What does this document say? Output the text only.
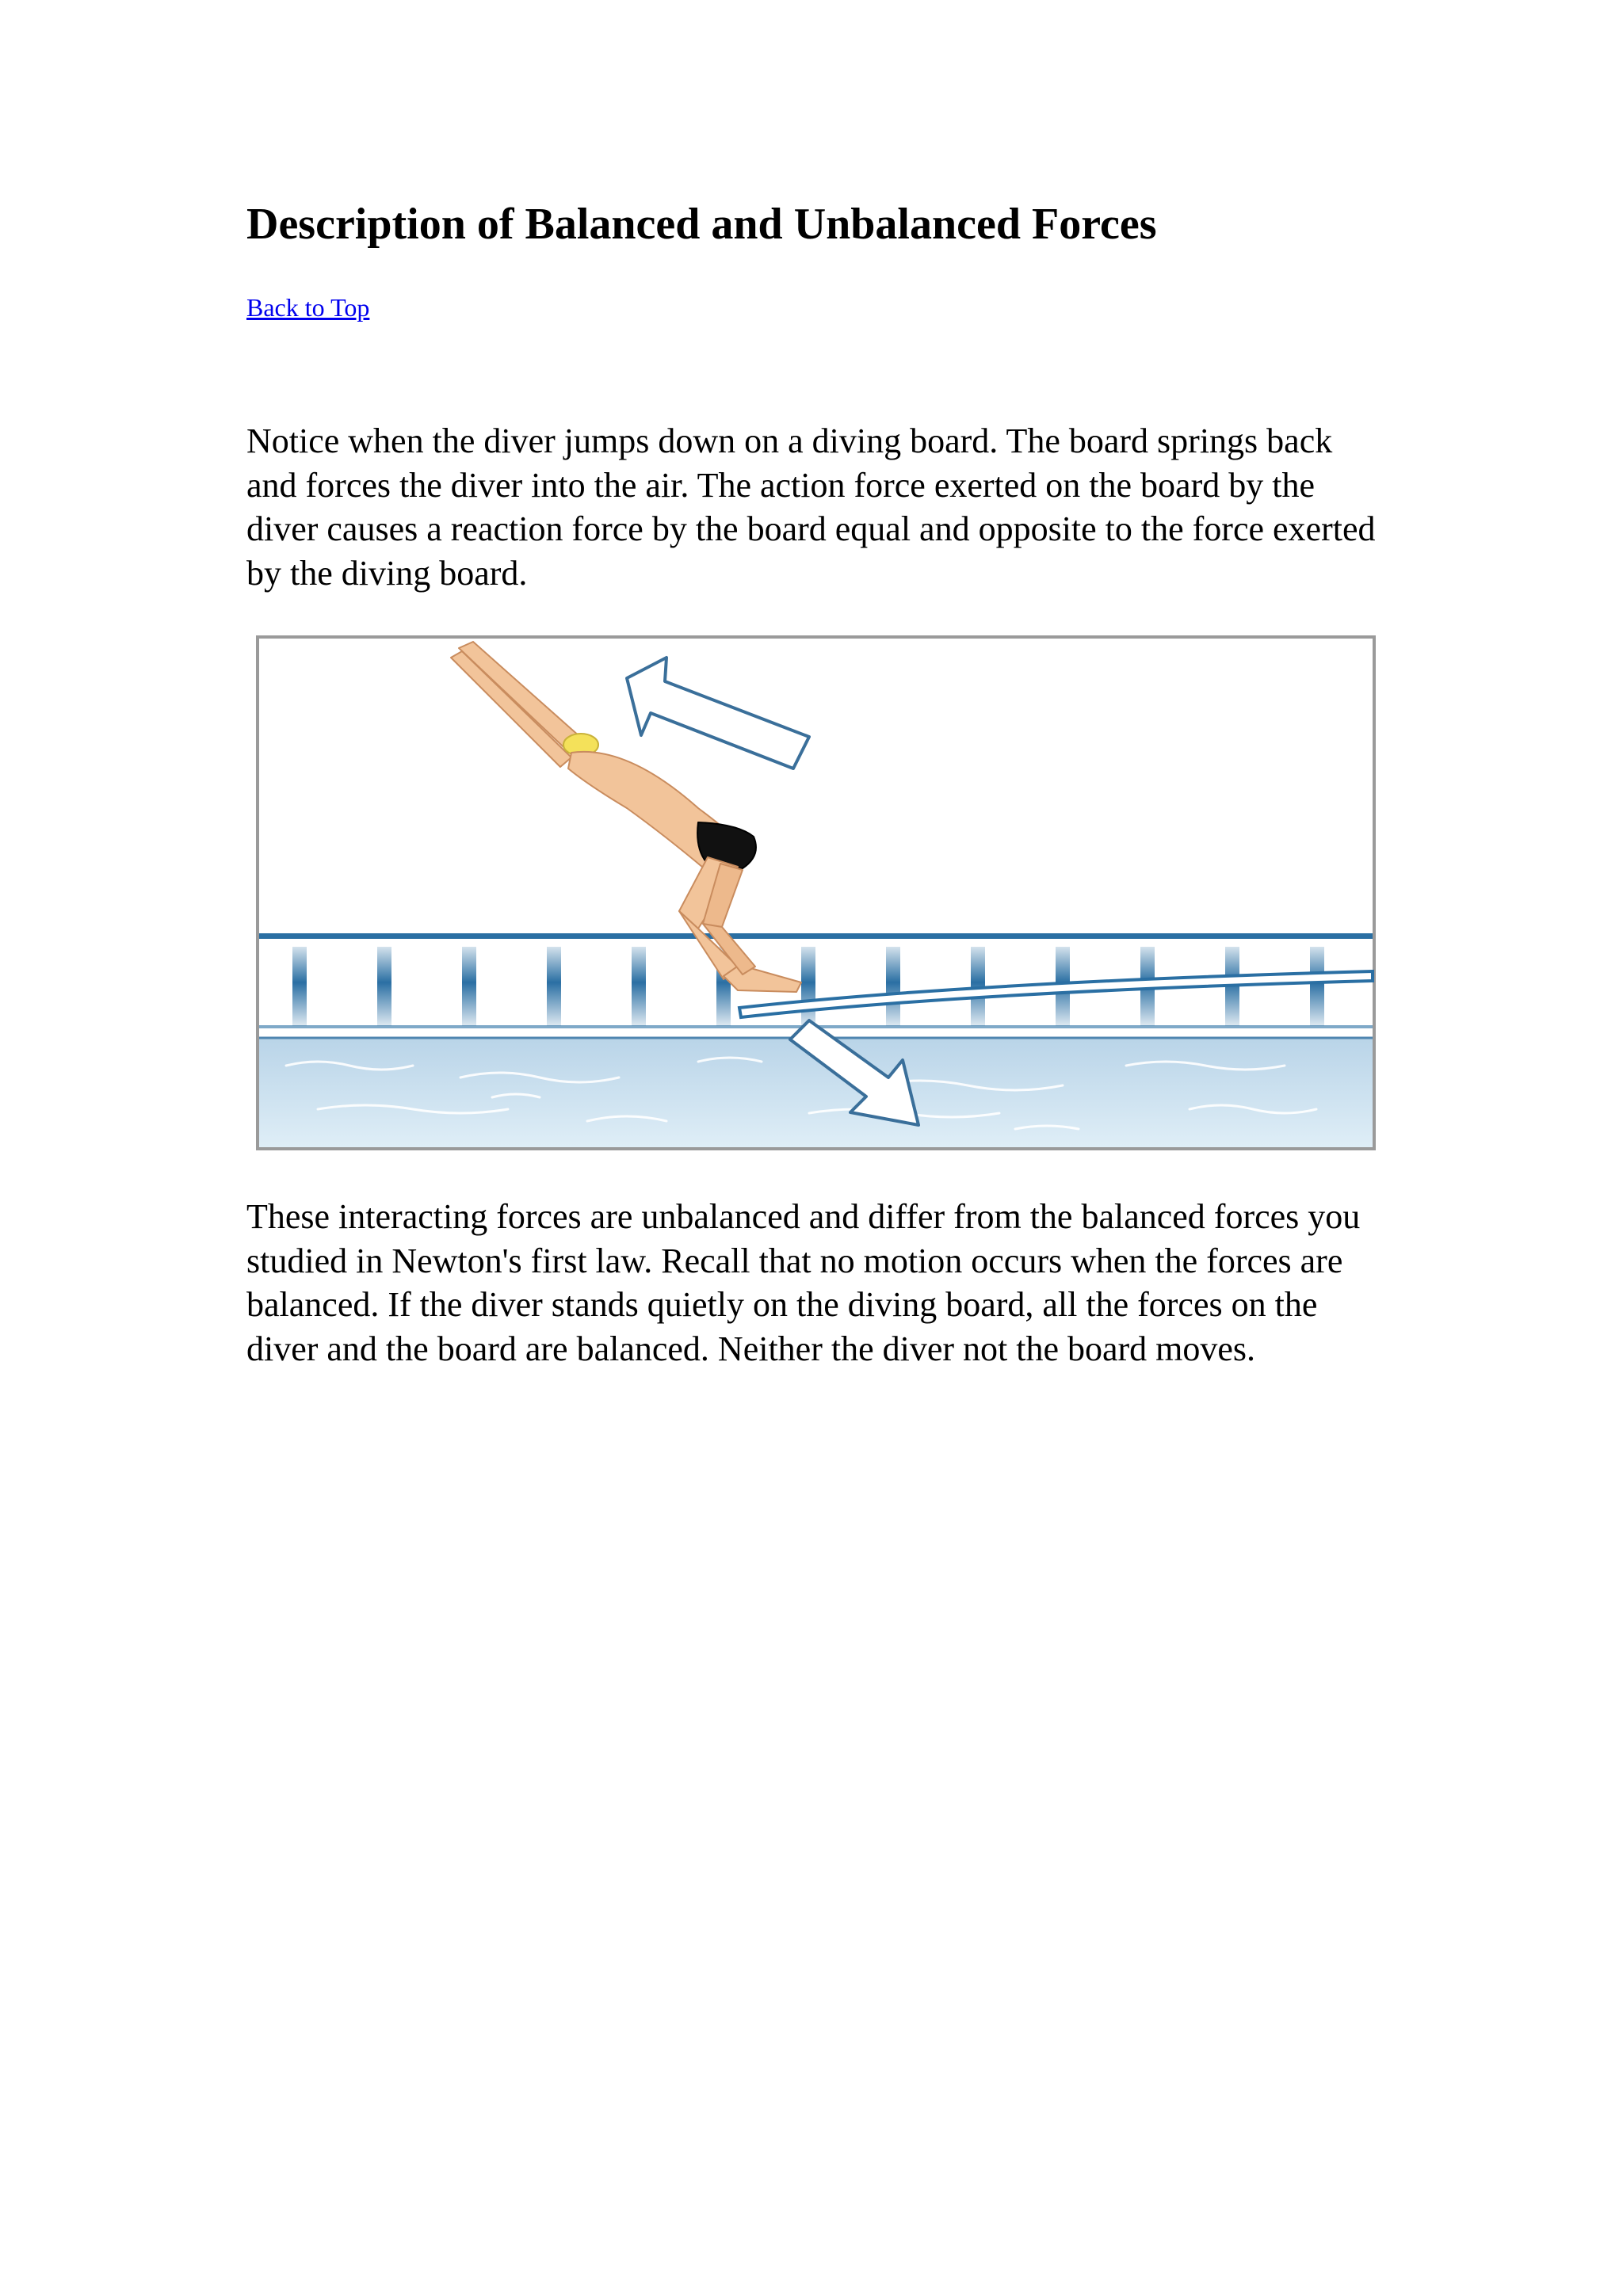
Description of Balanced and Unbalanced Forces
Back to Top

Notice when the diver jumps down on a diving board. The board springs back and forces the diver into the air. The action force exerted on the board by the diver causes a reaction force by the board equal and opposite to the force exerted by the diving board.

These interacting forces are unbalanced and differ from the balanced forces you studied in Newton's first law. Recall that no motion occurs when the forces are balanced. If the diver stands quietly on the diving board, all the forces on the diver and the board are balanced. Neither the diver not the board moves.
